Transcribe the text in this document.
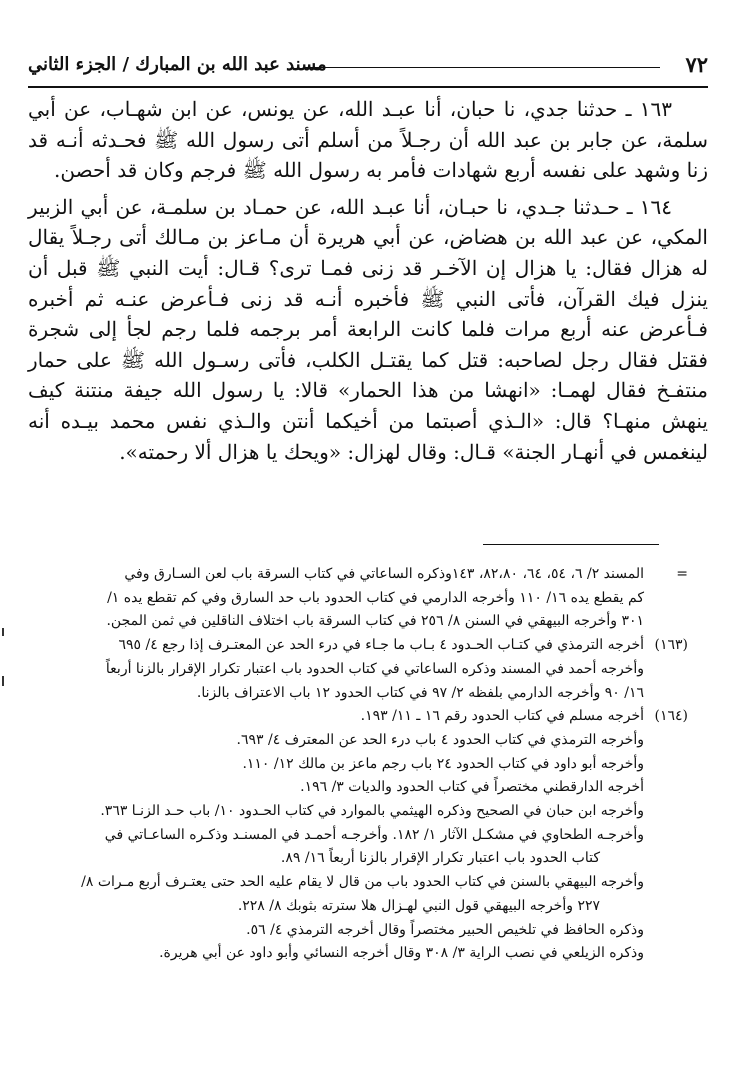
٧٢
مسند عبد الله بن المبارك / الجزء الثاني

١٦٣ ـ حدثنا جدي، نا حبان، أنا عبـد الله، عن يونس، عن ابن شهـاب، عن أبي سلمة، عن جابر بن عبد الله أن رجـلاً من أسلم أتى رسول الله ﷺ فحـدثه أنـه قد زنا وشهد على نفسه أربع شهادات فأمر به رسول الله ﷺ فرجم وكان قد أحصن.

١٦٤ ـ حـدثنا جـدي، نا حبـان، أنا عبـد الله، عن حمـاد بن سلمـة، عن أبي الزبير المكي، عن عبد الله بن هضاض، عن أبي هريرة أن مـاعز بن مـالك أتى رجـلاً يقال له هزال فقال: يا هزال إن الآخـر قد زنى فمـا ترى؟ قـال: أيت النبي ﷺ قبل أن ينزل فيك القرآن، فأتى النبي ﷺ فأخبره أنـه قد زنى فـأعرض عنـه ثم أخبره فـأعرض عنه أربع مرات فلما كانت الرابعة أمر برجمه فلما رجم لجأ إلى شجرة فقتل فقال رجل لصاحبه: قتل كما يقتـل الكلب، فأتى رسـول الله ﷺ على حمار منتفـخ فقال لهمـا: «انهشا من هذا الحمار» قالا: يا رسول الله جيفة منتنة كيف ينهش منهـا؟ قال: «الـذي أصبتما من أخيكما أنتن والـذي نفس محمد بيـده أنه لينغمس في أنهـار الجنة» قـال: وقال لهزال: «ويحك يا هزال ألا رحمته».

=
المسند ٢/ ٦، ٥٤، ٦٤، ٨٢،٨٠، ١٤٣وذكره الساعاتي في كتاب السرقة باب لعن السـارق وفي
كم يقطع يده ١٦/ ١١٠ وأخرجه الدارمي في كتاب الحدود باب حد السارق وفي كم تقطع يده ١/
٣٠١ وأخرجه البيهقي في السنن ٨/ ٢٥٦ في كتاب السرقة باب اختلاف الناقلين في ثمن المجن.
(١٦٣)
أخرجه الترمذي في كتـاب الحـدود ٤ بـاب ما جـاء في درء الحد عن المعتـرف إذا رجع ٤/ ٦٩٥
وأخرجه أحمد في المسند وذكره الساعاتي في كتاب الحدود باب اعتبار تكرار الإقرار بالزنا أربعاً
١٦/ ٩٠ وأخرجه الدارمي بلفظه ٢/ ٩٧ في كتاب الحدود ١٢ باب الاعتراف بالزنا.
(١٦٤)
أخرجه مسلم في كتاب الحدود رقم ١٦ ـ ١١/ ١٩٣.
وأخرجه الترمذي في كتاب الحدود ٤ باب درء الحد عن المعترف ٤/ ٦٩٣.
وأخرجه أبو داود في كتاب الحدود ٢٤ باب رجم ماعز بن مالك ١٢/ ١١٠.
أخرجه الدارقطني مختصراً في كتاب الحدود والديات ٣/ ١٩٦.
وأخرجه ابن حبان في الصحيح وذكره الهيثمي بالموارد في كتاب الحـدود ١٠/ باب حـد الزنـا ٣٦٣.
وأخرجـه الطحاوي في مشكـل الآثار ١/ ١٨٢. وأخرجـه أحمـد في المسنـد وذكـره الساعـاتي في
كتاب الحدود باب اعتبار تكرار الإقرار بالزنا أربعاً ١٦/ ٨٩.
وأخرجه البيهقي بالسنن في كتاب الحدود باب من قال لا يقام عليه الحد حتى يعتـرف أربع مـرات ٨/
٢٢٧ وأخرجه البيهقي قول النبي لهـزال هلا سترته بثوبك ٨/ ٢٢٨.
وذكره الحافظ في تلخيص الحبير مختصراً وقال أخرجه الترمذي ٤/ ٥٦.
وذكره الزيلعي في نصب الراية ٣/ ٣٠٨ وقال أخرجه النسائي وأبو داود عن أبي هريرة.
